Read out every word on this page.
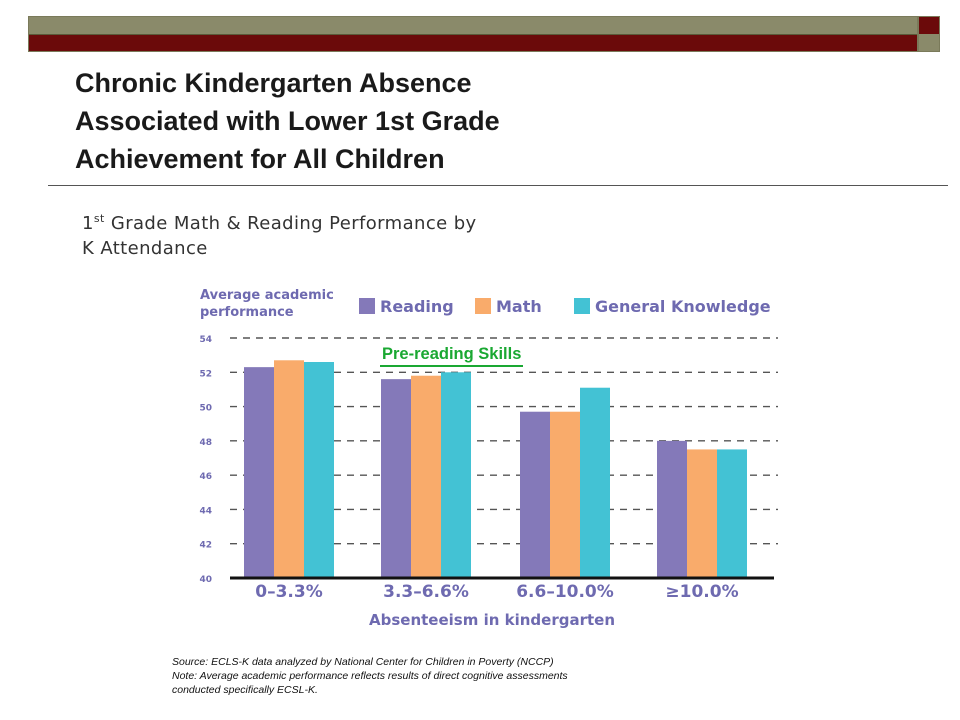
Chronic Kindergarten Absence
Associated with Lower 1st Grade
Achievement for All Children
1st Grade Math & Reading Performance by
K Attendance
Average academic
performance	Reading	Math	General Knowledge
54
52
50
48
46
44
42
40
0–3.3%	3.3–6.6%	6.6–10.0%	≥10.0%
Absenteeism in kindergarten
Pre-reading Skills
Source: ECLS-K data analyzed by National Center for Children in Poverty (NCCP)
Note: Average academic performance reflects results of direct cognitive assessments
conducted specifically ECSL-K.
